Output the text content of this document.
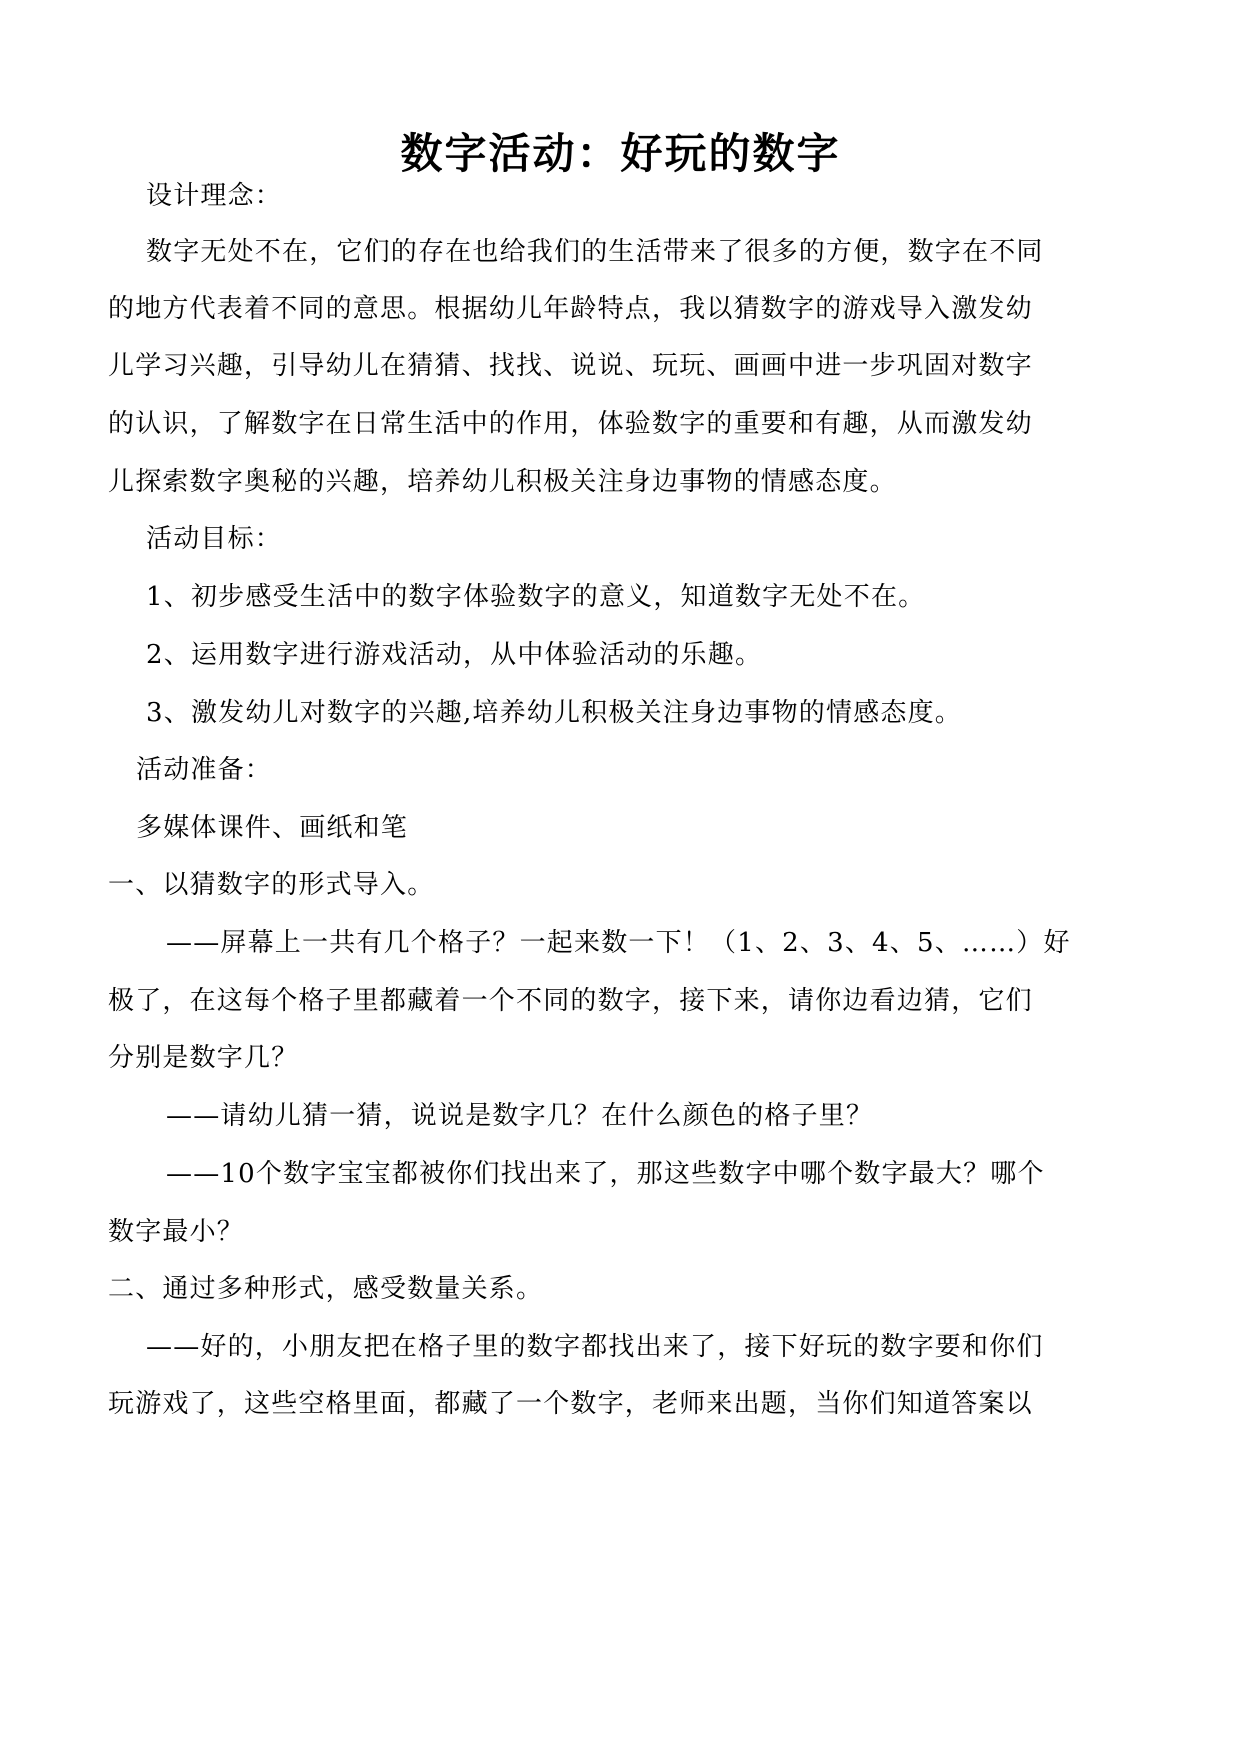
数字活动：好玩的数字
设计理念：
数字无处不在，它们的存在也给我们的生活带来了很多的方便，数字在不同
的地方代表着不同的意思。根据幼儿年龄特点，我以猜数字的游戏导入激发幼
儿学习兴趣，引导幼儿在猜猜、找找、说说、玩玩、画画中进一步巩固对数字
的认识，了解数字在日常生活中的作用，体验数字的重要和有趣，从而激发幼
儿探索数字奥秘的兴趣，培养幼儿积极关注身边事物的情感态度。
活动目标：
1、初步感受生活中的数字体验数字的意义，知道数字无处不在。
2、运用数字进行游戏活动，从中体验活动的乐趣。
3、激发幼儿对数字的兴趣,培养幼儿积极关注身边事物的情感态度。
活动准备：
多媒体课件、画纸和笔
一、以猜数字的形式导入。
——屏幕上一共有几个格子？一起来数一下！（1、2、3、4、5、……）好
极了，在这每个格子里都藏着一个不同的数字，接下来，请你边看边猜，它们
分别是数字几？
——请幼儿猜一猜，说说是数字几？在什么颜色的格子里？
——10个数字宝宝都被你们找出来了，那这些数字中哪个数字最大？哪个
数字最小？
二、通过多种形式，感受数量关系。
——好的，小朋友把在格子里的数字都找出来了，接下好玩的数字要和你们
玩游戏了，这些空格里面，都藏了一个数字，老师来出题，当你们知道答案以
